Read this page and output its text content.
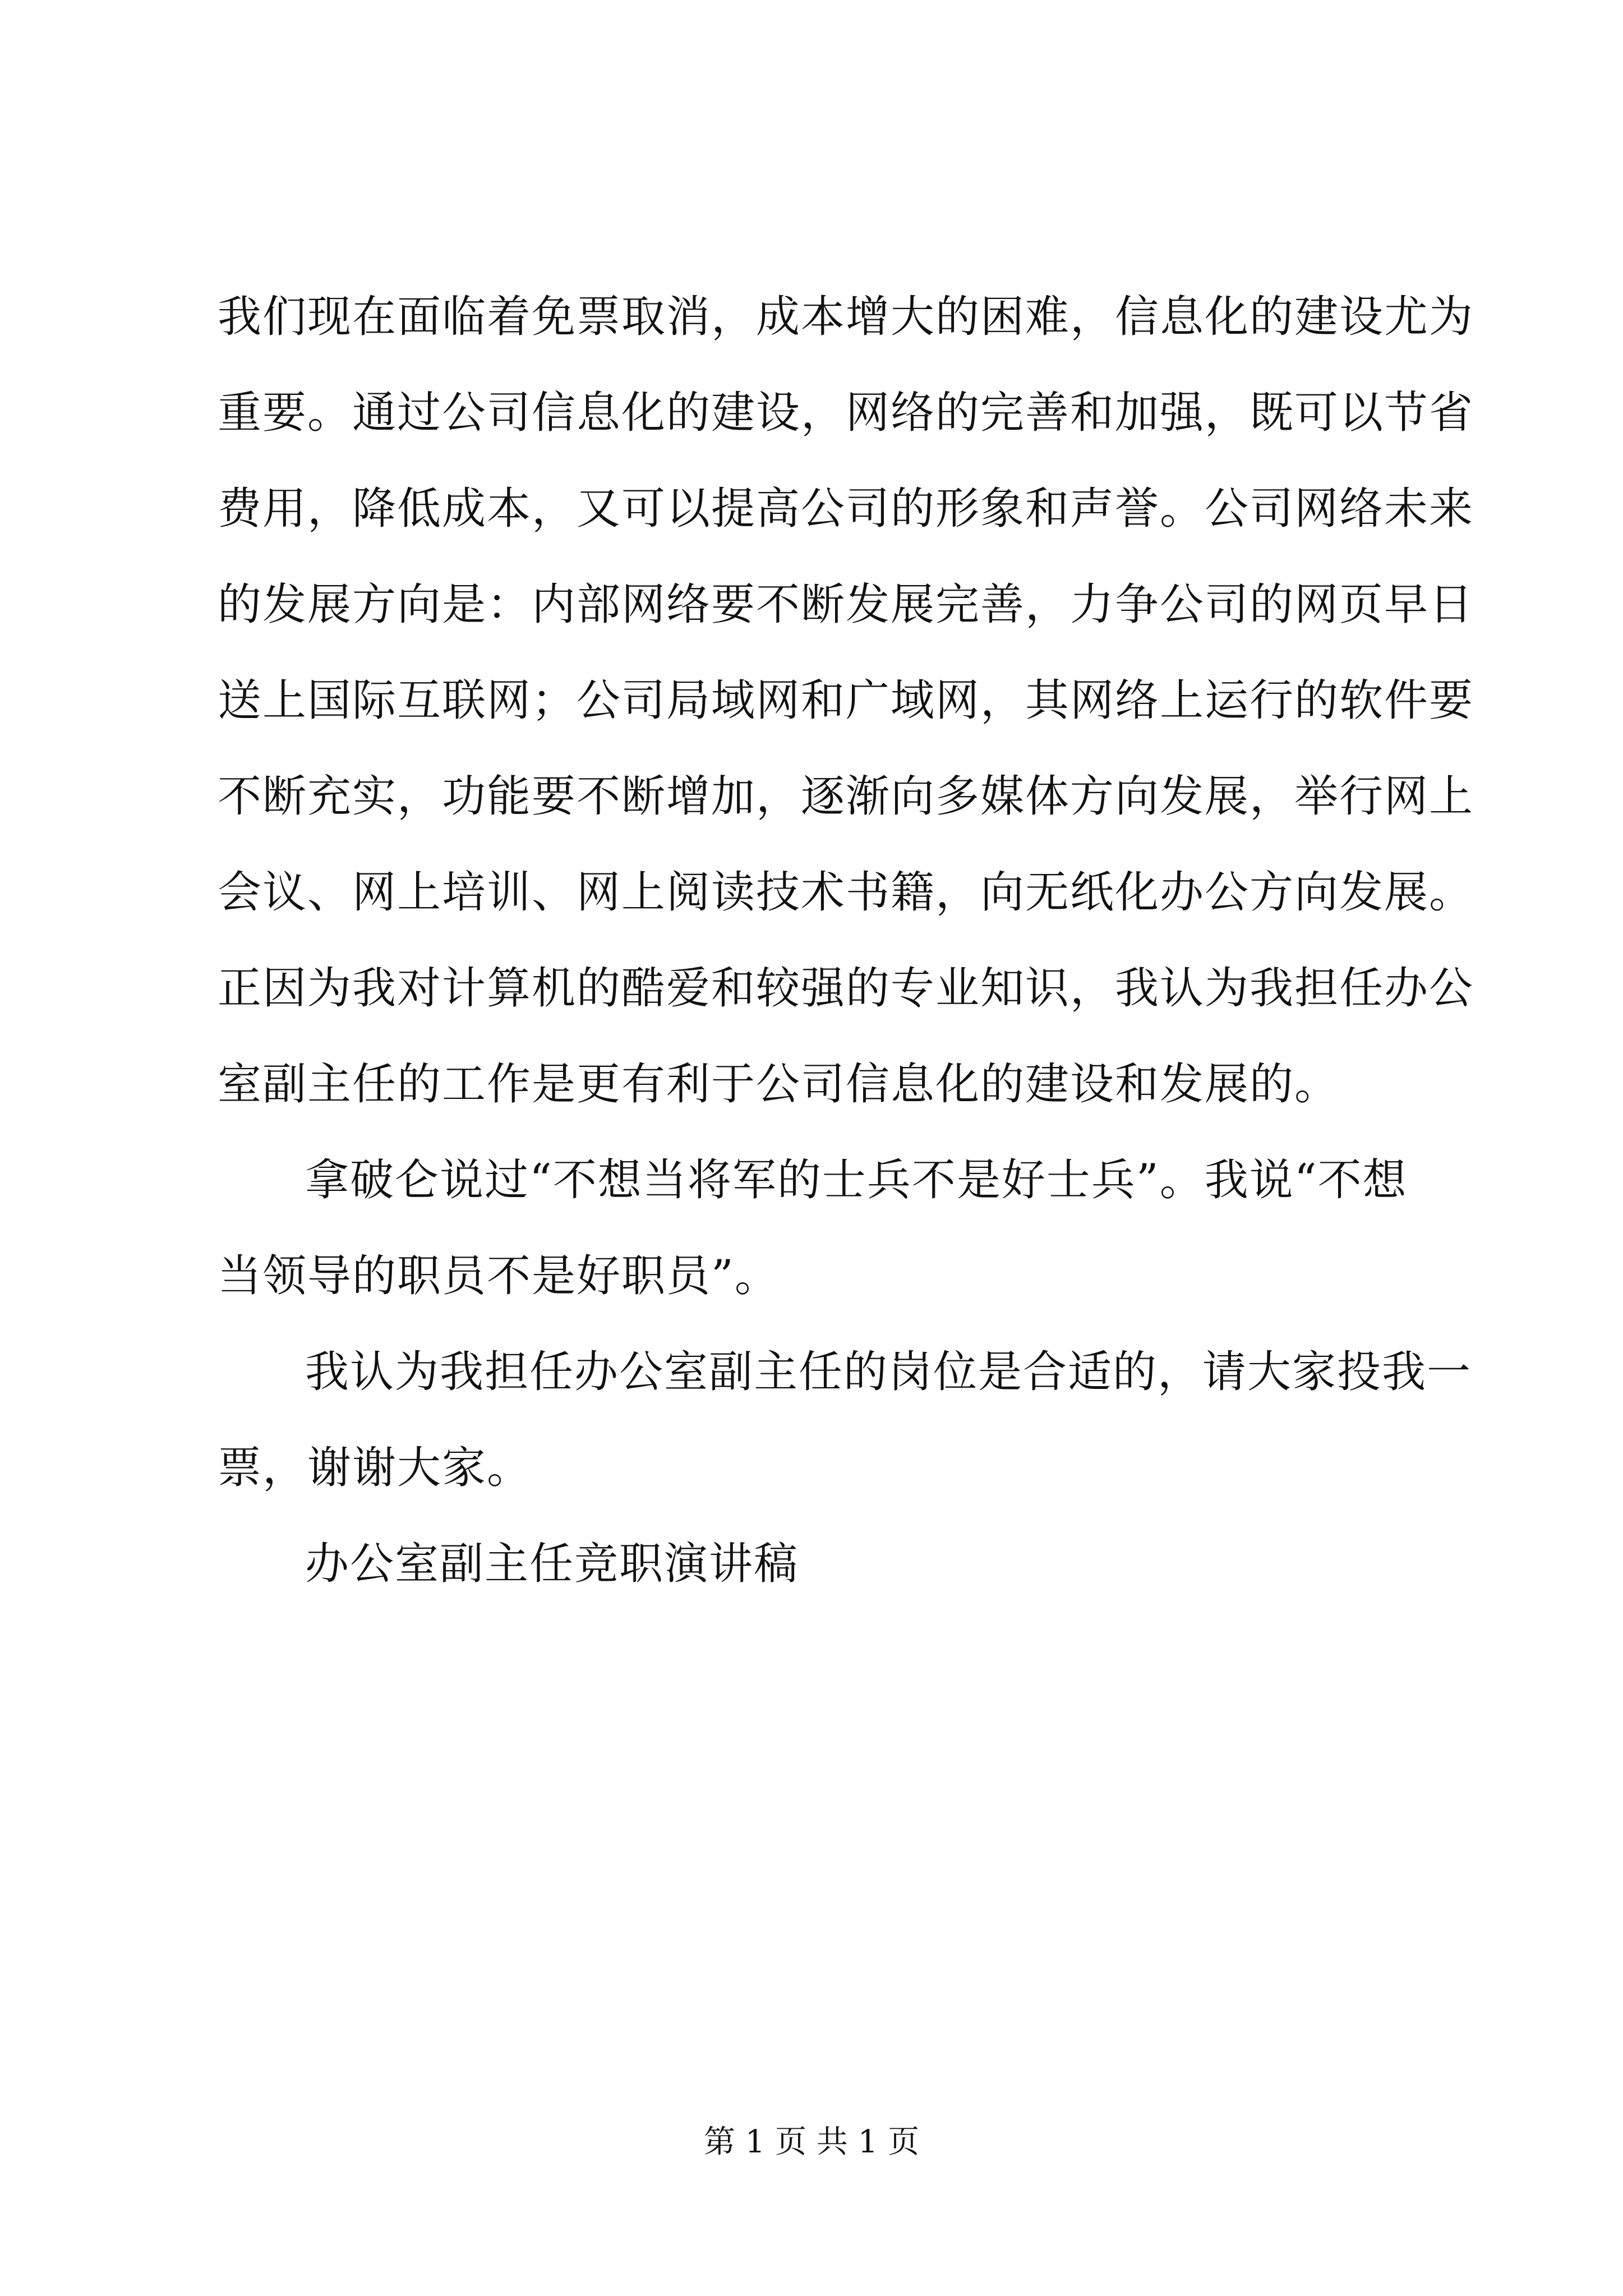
我们现在面临着免票取消，成本增大的困难，信息化的建设尤为
重要。通过公司信息化的建设，网络的完善和加强，既可以节省
费用，降低成本，又可以提高公司的形象和声誉。公司网络未来
的发展方向是：内部网络要不断发展完善，力争公司的网页早日
送上国际互联网；公司局域网和广域网，其网络上运行的软件要
不断充实，功能要不断增加，逐渐向多媒体方向发展，举行网上
会议、网上培训、网上阅读技术书籍，向无纸化办公方向发展。
正因为我对计算机的酷爱和较强的专业知识，我认为我担任办公
室副主任的工作是更有利于公司信息化的建设和发展的。
拿破仑说过“不想当将军的士兵不是好士兵”。我说“不想
当领导的职员不是好职员”。
我认为我担任办公室副主任的岗位是合适的，请大家投我一
票，谢谢大家。
办公室副主任竞职演讲稿
第 1 页 共 1 页
